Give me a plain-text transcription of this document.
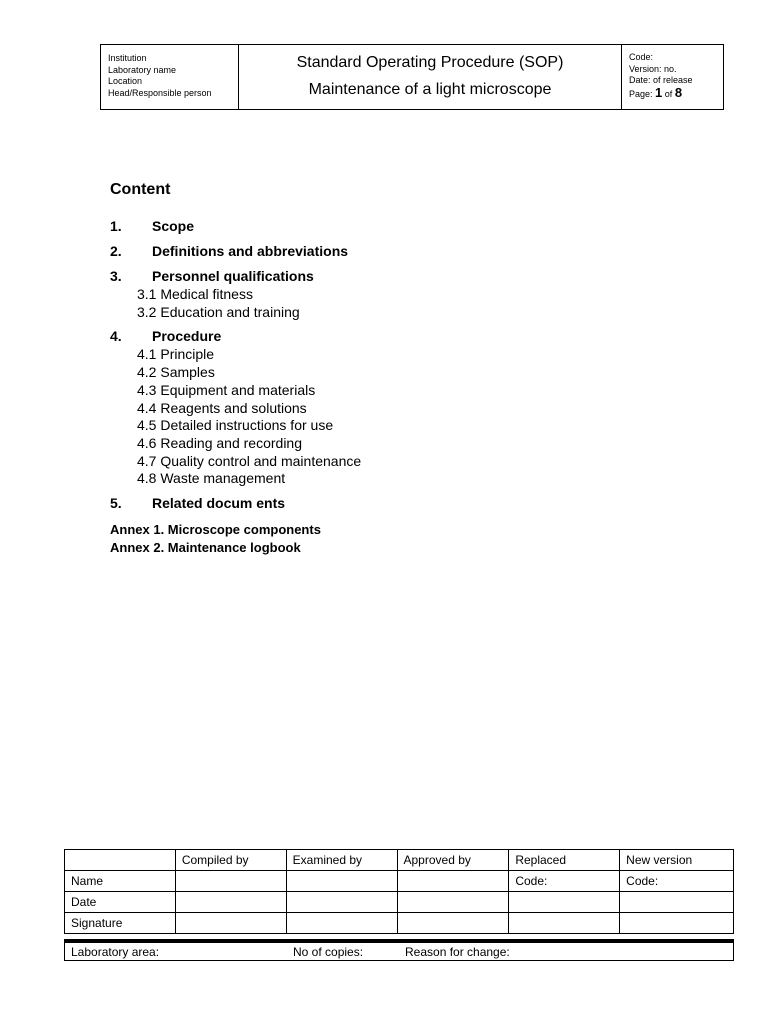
Institution
Laboratory name
Location
Head/Responsible person
Standard Operating Procedure (SOP)
Maintenance of a light microscope
Code:
Version: no.
Date: of release
Page: 1 of 8
Content
1.	Scope
2.	Definitions and abbreviations
3.	Personnel qualifications
3.1 Medical fitness
3.2 Education and training
4.	Procedure
4.1 Principle
4.2 Samples
4.3 Equipment and materials
4.4 Reagents and solutions
4.5 Detailed instructions for use
4.6 Reading and recording
4.7 Quality control and maintenance
4.8 Waste management
5.	Related docum ents
Annex 1. Microscope components
Annex 2. Maintenance logbook
	Compiled by	Examined by	Approved by	Replaced	New version
Name				Code:	Code:
Date					
Signature					
Laboratory area:	No of copies:	Reason for change:
